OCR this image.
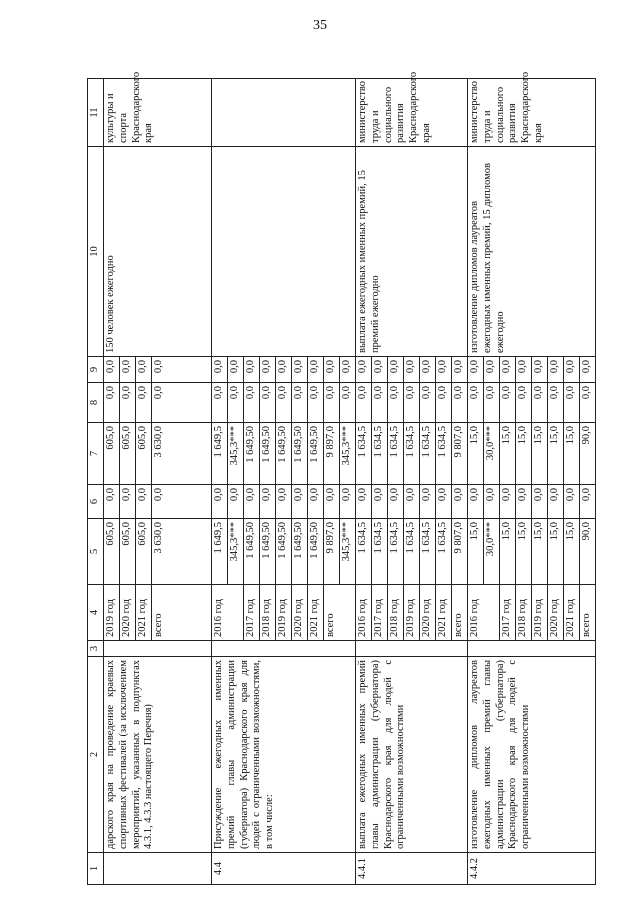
35
1	2	3	4	5	6	7	8	9	10	11
	дарского края на проведение краевых спортивных фестивалей (за исключением мероприятий, указанных в подпунктах 4.3.1, 4.3.3 настоящего Перечня)		2019 год	605,0	0,0	605,0	0,0	0,0	150 человек ежегодно	культуры и спорта Краснодарского края
			2020 год	605,0	0,0	605,0	0,0	0,0		
			2021 год	605,0	0,0	605,0	0,0	0,0		
			всего	3 630,0	0,0	3 630,0	0,0	0,0		
4.4	Присуждение ежегодных именных премий главы администрации (губернатора) Краснодарского края для людей с ограниченными возможностями, в том числе:		2016 год	1 649,5	0,0	1 649,5	0,0	0,0		
				345,3***	0,0	345,3***	0,0	0,0		
			2017 год	1 649,50	0,0	1 649,50	0,0	0,0		
			2018 год	1 649,50	0,0	1 649,50	0,0	0,0		
			2019 год	1 649,50	0,0	1 649,50	0,0	0,0		
			2020 год	1 649,50	0,0	1 649,50	0,0	0,0		
			2021 год	1 649,50	0,0	1 649,50	0,0	0,0		
			всего	9 897,0	0,0	9 897,0	0,0	0,0		
				345,3***	0,0	345,3***	0,0	0,0		
4.4.1	выплата ежегодных именных премий главы администрации (губернатора) Краснодарского края для людей с ограниченными возможностями		2016 год	1 634,5	0,0	1 634,5	0,0	0,0	выплата ежегодных именных премий, 15 премий ежегодно	министерство труда и социального развития Краснодарского края
			2017 год	1 634,5	0,0	1 634,5	0,0	0,0		
			2018 год	1 634,5	0,0	1 634,5	0,0	0,0		
			2019 год	1 634,5	0,0	1 634,5	0,0	0,0		
			2020 год	1 634,5	0,0	1 634,5	0,0	0,0		
			2021 год	1 634,5	0,0	1 634,5	0,0	0,0		
			всего	9 807,0	0,0	9 807,0	0,0	0,0		
4.4.2	изготовление дипломов лауреатов ежегодных именных премий главы администрации (губернатора) Краснодарского края для людей с ограниченными возможностями		2016 год	15,0	0,0	15,0	0,0	0,0	изготовление дипломов лауреатов ежегодных именных премий, 15 дипломов ежегодно	министерство труда и социального развития Краснодарского края
				30,0***	0,0	30,0***	0,0	0,0		
			2017 год	15,0	0,0	15,0	0,0	0,0		
			2018 год	15,0	0,0	15,0	0,0	0,0		
			2019 год	15,0	0,0	15,0	0,0	0,0		
			2020 год	15,0	0,0	15,0	0,0	0,0		
			2021 год	15,0	0,0	15,0	0,0	0,0		
			всего	90,0	0,0	90,0	0,0	0,0		
